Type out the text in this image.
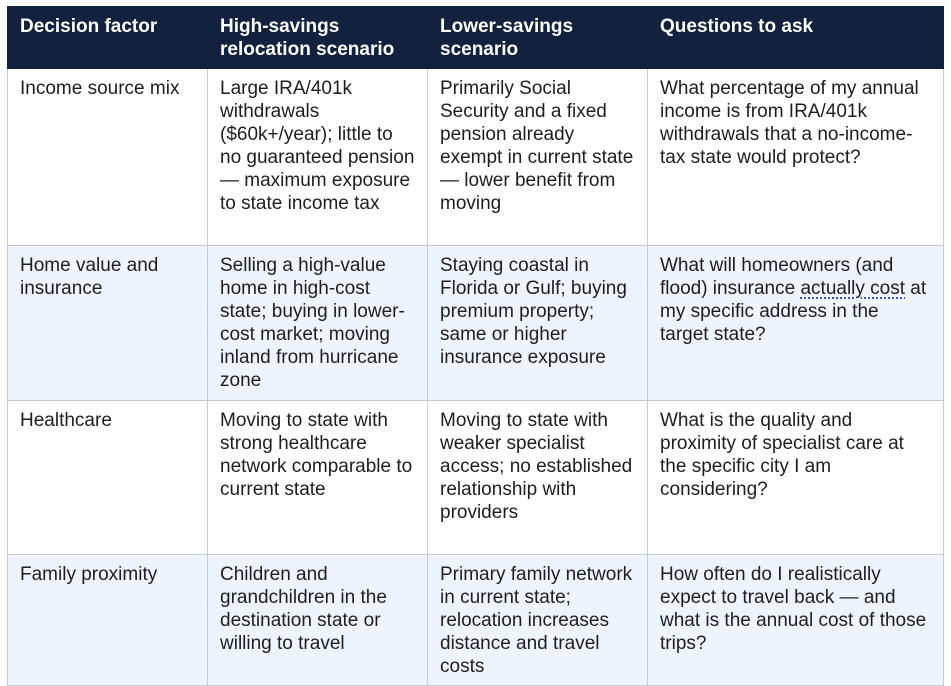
Decision factor	High-savings relocation scenario	Lower-savings scenario	Questions to ask
Income source mix	Large IRA/401k withdrawals ($60k+/year); little to no guaranteed pension — maximum exposure to state income tax	Primarily Social Security and a fixed pension already exempt in current state — lower benefit from moving	What percentage of my annual income is from IRA/401k withdrawals that a no-income-tax state would protect?
Home value and insurance	Selling a high-value home in high-cost state; buying in lower-cost market; moving inland from hurricane zone	Staying coastal in Florida or Gulf; buying premium property; same or higher insurance exposure	What will homeowners (and flood) insurance actually cost at my specific address in the target state?
Healthcare	Moving to state with strong healthcare network comparable to current state	Moving to state with weaker specialist access; no established relationship with providers	What is the quality and proximity of specialist care at the specific city I am considering?
Family proximity	Children and grandchildren in the destination state or willing to travel	Primary family network in current state; relocation increases distance and travel costs	How often do I realistically expect to travel back — and what is the annual cost of those trips?
